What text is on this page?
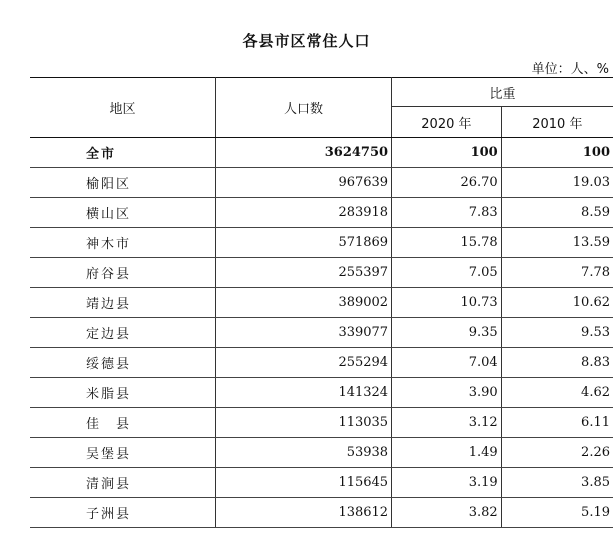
各县市区常住人口
单位：人、%
地区	人口数	比重	
		2020 年	2010 年
全市	3624750	100	100
榆阳区	967639	26.70	19.03
横山区	283918	7.83	8.59
神木市	571869	15.78	13.59
府谷县	255397	7.05	7.78
靖边县	389002	10.73	10.62
定边县	339077	9.35	9.53
绥德县	255294	7.04	8.83
米脂县	141324	3.90	4.62
佳　县	113035	3.12	6.11
吴堡县	53938	1.49	2.26
清涧县	115645	3.19	3.85
子洲县	138612	3.82	5.19
